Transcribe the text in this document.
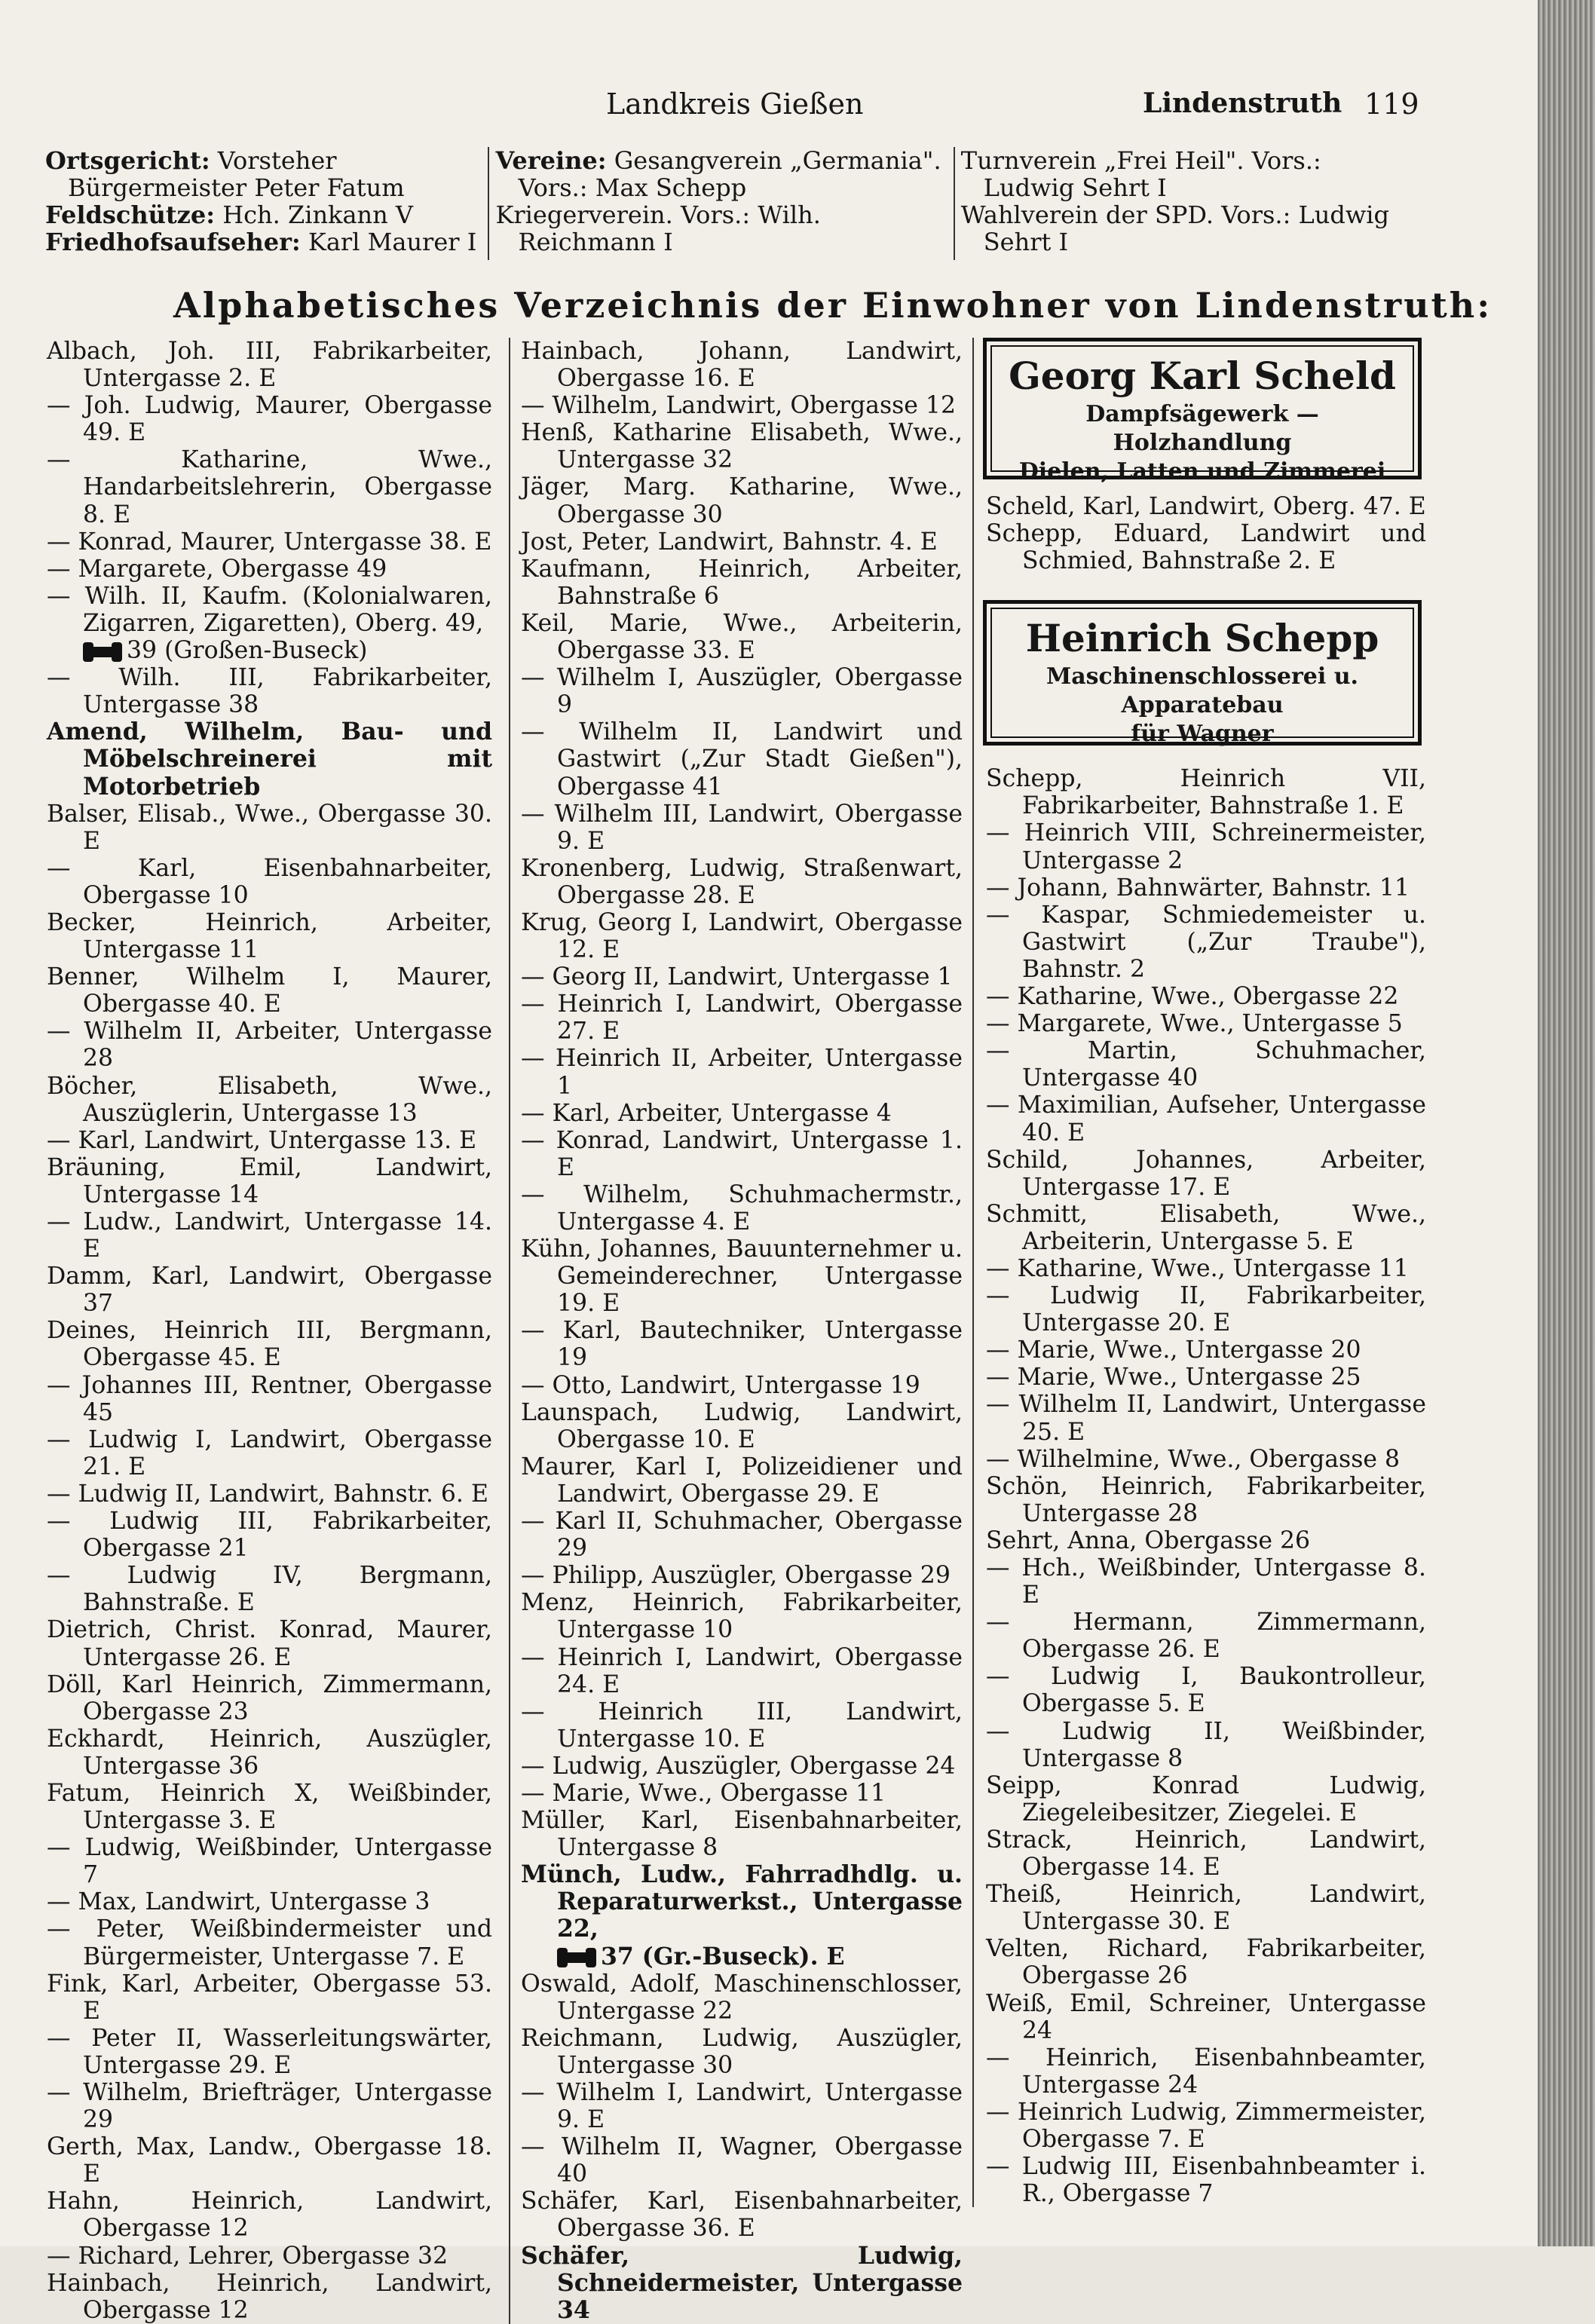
Landkreis Gießen	Lindenstruth 119

Ortsgericht: Vorsteher Bürgermeister Peter Fatum

Feldschütze: Hch. Zinkann V

Friedhofsaufseher: Karl Maurer I

Vereine: Gesangverein „Germania". Vors.: Max Schepp

Kriegerverein. Vors.: Wilh. Reichmann I

Turnverein „Frei Heil". Vors.: Ludwig Sehrt I

Wahlverein der SPD. Vors.: Ludwig Sehrt I

Alphabetisches Verzeichnis der Einwohner von Lindenstruth:

Albach, Joh. III, Fabrikarbeiter, Untergasse 2. E

— Joh. Ludwig, Maurer, Obergasse 49. E

— Katharine, Wwe., Handarbeitslehrerin, Obergasse 8. E

— Konrad, Maurer, Untergasse 38. E

— Margarete, Obergasse 49

— Wilh. II, Kaufm. (Kolonialwaren, Zigarren, Zigaretten), Oberg. 49,

39 (Großen-Buseck)

— Wilh. III, Fabrikarbeiter, Untergasse 38

Amend, Wilhelm, Bau- und Möbelschreinerei mit Motorbetrieb

Balser, Elisab., Wwe., Obergasse 30. E

— Karl, Eisenbahnarbeiter, Obergasse 10

Becker, Heinrich, Arbeiter, Untergasse 11

Benner, Wilhelm I, Maurer, Obergasse 40. E

— Wilhelm II, Arbeiter, Untergasse 28

Böcher, Elisabeth, Wwe., Auszüglerin, Untergasse 13

— Karl, Landwirt, Untergasse 13. E

Bräuning, Emil, Landwirt, Untergasse 14

— Ludw., Landwirt, Untergasse 14. E

Damm, Karl, Landwirt, Obergasse 37

Deines, Heinrich III, Bergmann, Obergasse 45. E

— Johannes III, Rentner, Obergasse 45

— Ludwig I, Landwirt, Obergasse 21. E

— Ludwig II, Landwirt, Bahnstr. 6. E

— Ludwig III, Fabrikarbeiter, Obergasse 21

— Ludwig IV, Bergmann, Bahnstraße. E

Dietrich, Christ. Konrad, Maurer, Untergasse 26. E

Döll, Karl Heinrich, Zimmermann, Obergasse 23

Eckhardt, Heinrich, Auszügler, Untergasse 36

Fatum, Heinrich X, Weißbinder, Untergasse 3. E

— Ludwig, Weißbinder, Untergasse 7

— Max, Landwirt, Untergasse 3

— Peter, Weißbindermeister und Bürgermeister, Untergasse 7. E

Fink, Karl, Arbeiter, Obergasse 53. E

— Peter II, Wasserleitungswärter, Untergasse 29. E

— Wilhelm, Briefträger, Untergasse 29

Gerth, Max, Landw., Obergasse 18. E

Hahn, Heinrich, Landwirt, Obergasse 12

— Richard, Lehrer, Obergasse 32

Hainbach, Heinrich, Landwirt, Obergasse 12

Hainbach, Johann, Landwirt, Obergasse 16. E

— Wilhelm, Landwirt, Obergasse 12

Henß, Katharine Elisabeth, Wwe., Untergasse 32

Jäger, Marg. Katharine, Wwe., Obergasse 30

Jost, Peter, Landwirt, Bahnstr. 4. E

Kaufmann, Heinrich, Arbeiter, Bahnstraße 6

Keil, Marie, Wwe., Arbeiterin, Obergasse 33. E

— Wilhelm I, Auszügler, Obergasse 9

— Wilhelm II, Landwirt und Gastwirt („Zur Stadt Gießen"), Obergasse 41

— Wilhelm III, Landwirt, Obergasse 9. E

Kronenberg, Ludwig, Straßenwart, Obergasse 28. E

Krug, Georg I, Landwirt, Obergasse 12. E

— Georg II, Landwirt, Untergasse 1

— Heinrich I, Landwirt, Obergasse 27. E

— Heinrich II, Arbeiter, Untergasse 1

— Karl, Arbeiter, Untergasse 4

— Konrad, Landwirt, Untergasse 1. E

— Wilhelm, Schuhmachermstr., Untergasse 4. E

Kühn, Johannes, Bauunternehmer u. Gemeinderechner, Untergasse 19. E

— Karl, Bautechniker, Untergasse 19

— Otto, Landwirt, Untergasse 19

Launspach, Ludwig, Landwirt, Obergasse 10. E

Maurer, Karl I, Polizeidiener und Landwirt, Obergasse 29. E

— Karl II, Schuhmacher, Obergasse 29

— Philipp, Auszügler, Obergasse 29

Menz, Heinrich, Fabrikarbeiter, Untergasse 10

— Heinrich I, Landwirt, Obergasse 24. E

— Heinrich III, Landwirt, Untergasse 10. E

— Ludwig, Auszügler, Obergasse 24

— Marie, Wwe., Obergasse 11

Müller, Karl, Eisenbahnarbeiter, Untergasse 8

Münch, Ludw., Fahrradhdlg. u. Reparaturwerkst., Untergasse 22,

37 (Gr.-Buseck). E

Oswald, Adolf, Maschinenschlosser, Untergasse 22

Reichmann, Ludwig, Auszügler, Untergasse 30

— Wilhelm I, Landwirt, Untergasse 9. E

— Wilhelm II, Wagner, Obergasse 40

Schäfer, Karl, Eisenbahnarbeiter, Obergasse 36. E

Schäfer, Ludwig, Schneidermeister, Untergasse 34

Georg Karl Scheld
Dampfsägewerk — Holzhandlung
Dielen, Latten und Zimmerei

Scheld, Karl, Landwirt, Oberg. 47. E

Schepp, Eduard, Landwirt und Schmied, Bahnstraße 2. E

Heinrich Schepp
Maschinenschlosserei u. Apparatebau
für Wagner

Schepp, Heinrich VII, Fabrikarbeiter, Bahnstraße 1. E

— Heinrich VIII, Schreinermeister, Untergasse 2

— Johann, Bahnwärter, Bahnstr. 11

— Kaspar, Schmiedemeister u. Gastwirt („Zur Traube"), Bahnstr. 2

— Katharine, Wwe., Obergasse 22

— Margarete, Wwe., Untergasse 5

— Martin, Schuhmacher, Untergasse 40

— Maximilian, Aufseher, Untergasse 40. E

Schild, Johannes, Arbeiter, Untergasse 17. E

Schmitt, Elisabeth, Wwe., Arbeiterin, Untergasse 5. E

— Katharine, Wwe., Untergasse 11

— Ludwig II, Fabrikarbeiter, Untergasse 20. E

— Marie, Wwe., Untergasse 20

— Marie, Wwe., Untergasse 25

— Wilhelm II, Landwirt, Untergasse 25. E

— Wilhelmine, Wwe., Obergasse 8

Schön, Heinrich, Fabrikarbeiter, Untergasse 28

Sehrt, Anna, Obergasse 26

— Hch., Weißbinder, Untergasse 8. E

— Hermann, Zimmermann, Obergasse 26. E

— Ludwig I, Baukontrolleur, Obergasse 5. E

— Ludwig II, Weißbinder, Untergasse 8

Seipp, Konrad Ludwig, Ziegeleibesitzer, Ziegelei. E

Strack, Heinrich, Landwirt, Obergasse 14. E

Theiß, Heinrich, Landwirt, Untergasse 30. E

Velten, Richard, Fabrikarbeiter, Obergasse 26

Weiß, Emil, Schreiner, Untergasse 24

— Heinrich, Eisenbahnbeamter, Untergasse 24

— Heinrich Ludwig, Zimmermeister, Obergasse 7. E

— Ludwig III, Eisenbahnbeamter i. R., Obergasse 7
